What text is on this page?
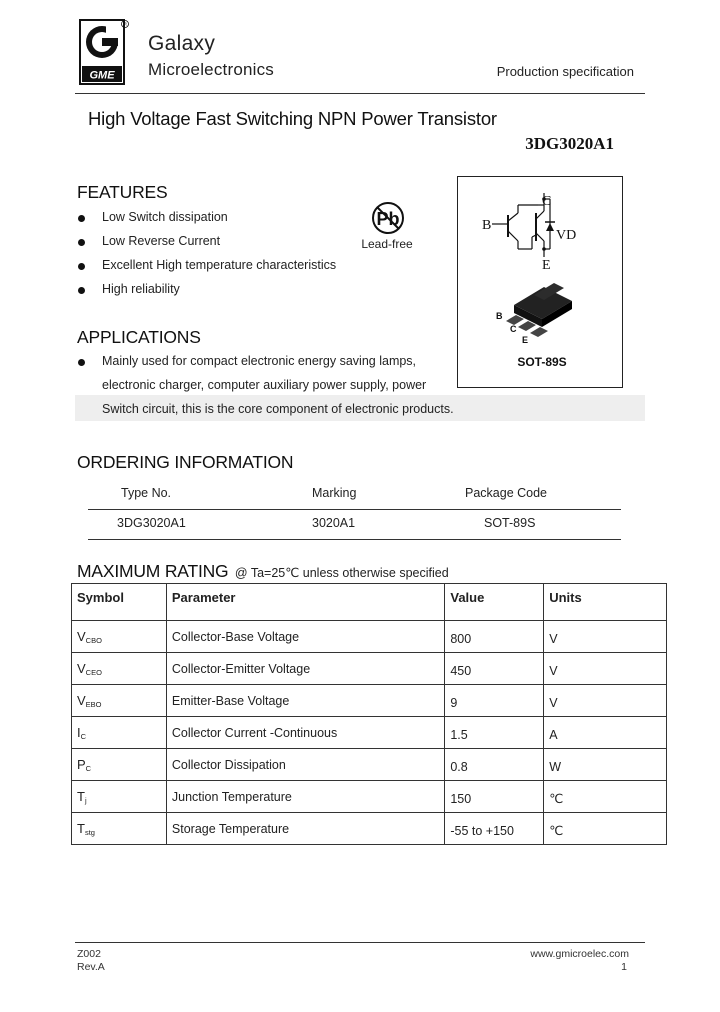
R
GME
Galaxy
Microelectronics	Production specification
High Voltage Fast Switching NPN Power Transistor
3DG3020A1
FEATURES
Low Switch dissipation
Low Reverse Current
Excellent High temperature characteristics
High reliability
Pb
Lead-free
B
C
VD
E
B
C
E
SOT-89S
APPLICATIONS
Mainly used for compact electronic energy saving lamps,
electronic charger, computer auxiliary power supply, power
Switch circuit, this is the core component of electronic products.
ORDERING INFORMATION
Type No.	Marking	Package Code
3DG3020A1	3020A1	SOT-89S
MAXIMUM RATING @ Ta=25℃ unless otherwise specified
Symbol	Parameter	Value	Units
$V_{CBO}$	Collector-Base Voltage	800	V
$V_{CEO}$	Collector-Emitter Voltage	450	V
$V_{EBO}$	Emitter-Base Voltage	9	V
$I_C$	Collector Current -Continuous	1.5	A
$P_C$	Collector Dissipation	0.8	W
$T_j$	Junction Temperature	150	℃
$T_{stg}$	Storage Temperature	-55 to +150	℃
Z002
Rev.A
www.gmicroelec.com
1
